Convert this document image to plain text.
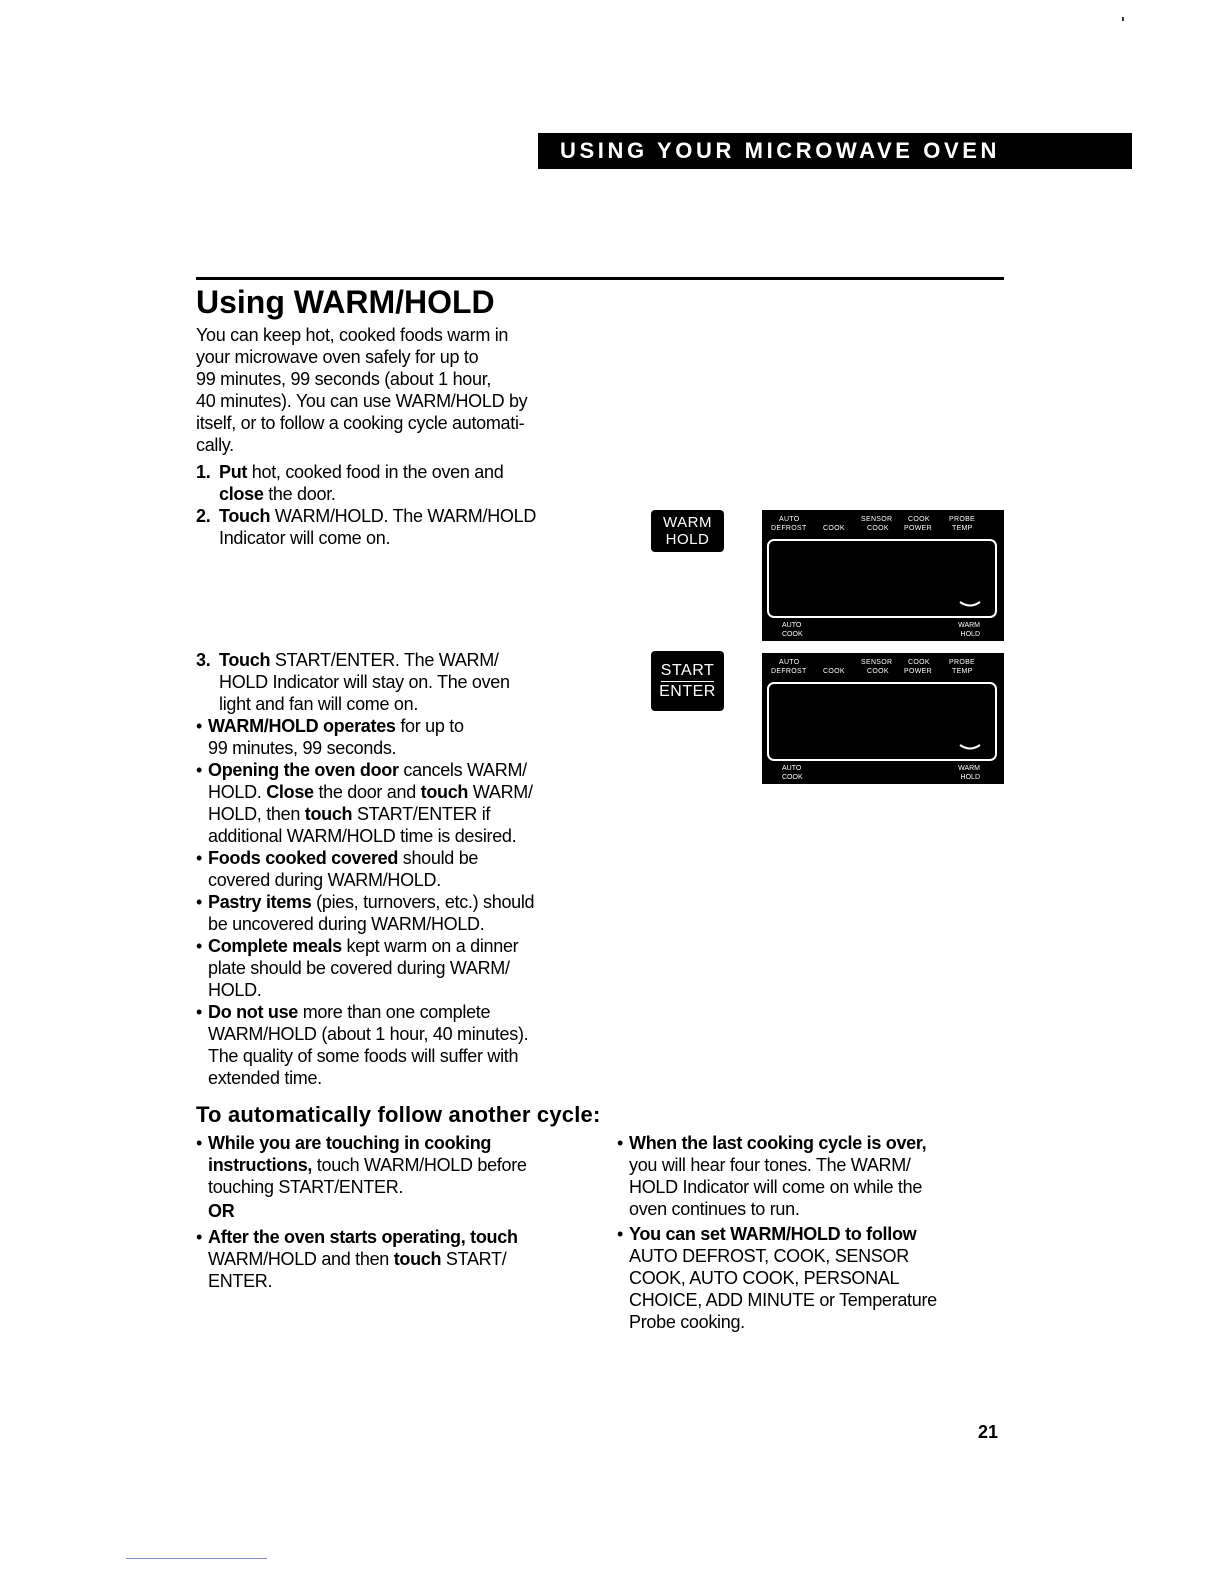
USING YOUR MICROWAVE OVEN
Using WARM/HOLD
You can keep hot, cooked foods warm in
your microwave oven safely for up to
99 minutes, 99 seconds (about 1 hour,
40 minutes). You can use WARM/HOLD by
itself, or to follow a cooking cycle automati-
cally.
1. Put hot, cooked food in the oven and
close the door.
2. Touch WARM/HOLD. The WARM/HOLD
Indicator will come on.
3. Touch START/ENTER. The WARM/
HOLD Indicator will stay on. The oven
light and fan will come on.
• WARM/HOLD operates for up to
99 minutes, 99 seconds.
• Opening the oven door cancels WARM/
HOLD. Close the door and touch WARM/
HOLD, then touch START/ENTER if
additional WARM/HOLD time is desired.
• Foods cooked covered should be
covered during WARM/HOLD.
• Pastry items (pies, turnovers, etc.) should
be uncovered during WARM/HOLD.
• Complete meals kept warm on a dinner
plate should be covered during WARM/
HOLD.
• Do not use more than one complete
WARM/HOLD (about 1 hour, 40 minutes).
The quality of some foods will suffer with
extended time.
To automatically follow another cycle:
• While you are touching in cooking
instructions, touch WARM/HOLD before
touching START/ENTER.
OR
• After the oven starts operating, touch
WARM/HOLD and then touch START/
ENTER.
• When the last cooking cycle is over,
you will hear four tones. The WARM/
HOLD Indicator will come on while the
oven continues to run.
• You can set WARM/HOLD to follow
AUTO DEFROST, COOK, SENSOR
COOK, AUTO COOK, PERSONAL
CHOICE, ADD MINUTE or Temperature
Probe cooking.
WARM
HOLD
START
ENTER
AUTO
DEFROST COOK
SENSOR
COOK
COOK
POWER
PROBE
TEMP
AUTO
COOK
WARM
HOLD
AUTO
DEFROST COOK
SENSOR
COOK
COOK
POWER
PROBE
TEMP
AUTO
COOK
WARM
HOLD
21
